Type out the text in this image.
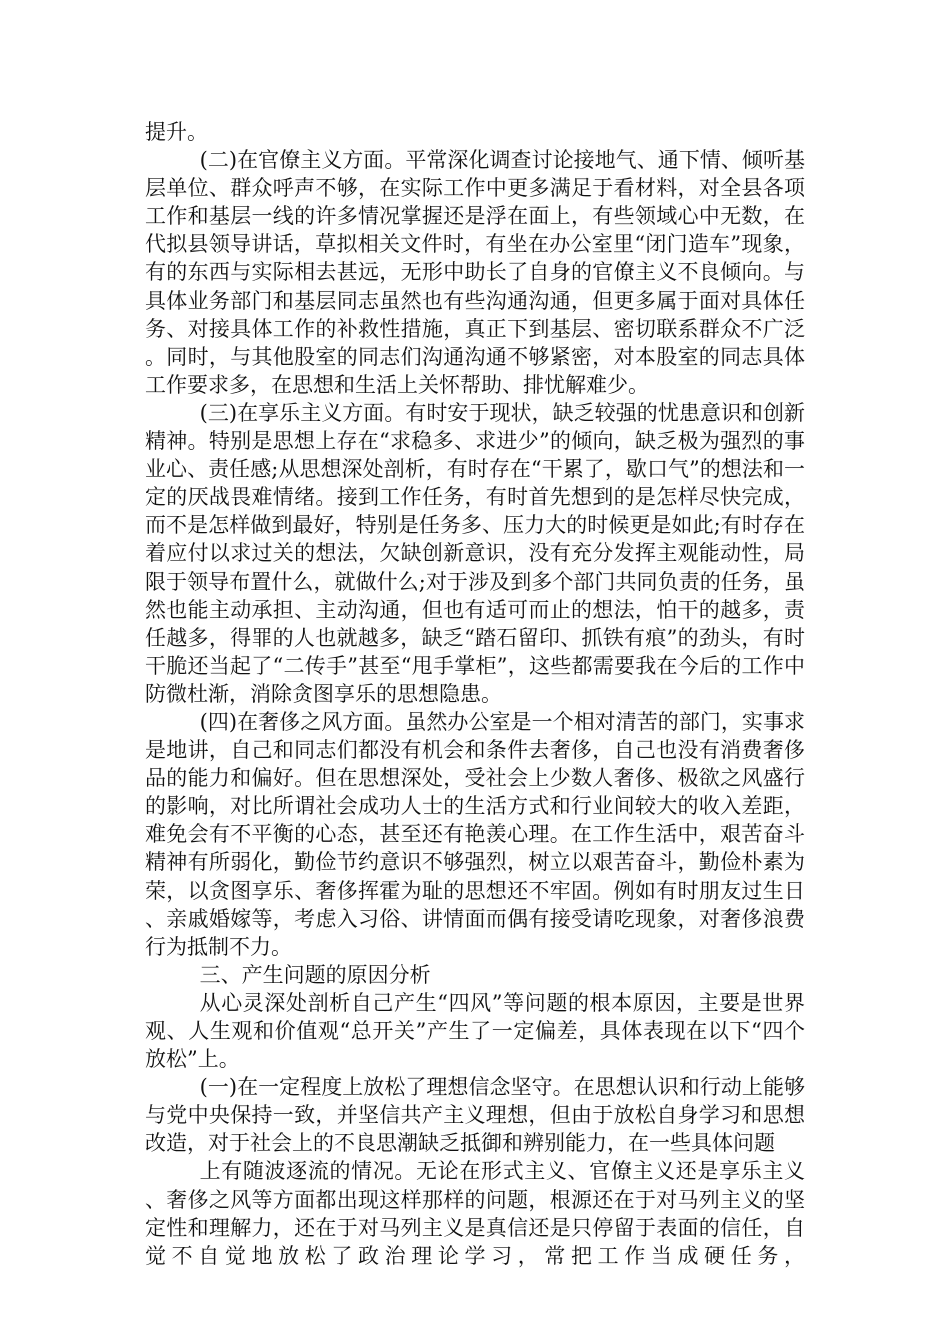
提升。

(二)在官僚主义方面。平常深化调查讨论接地气、通下情、倾听基层单位、群众呼声不够，在实际工作中更多满足于看材料，对全县各项工作和基层一线的许多情况掌握还是浮在面上，有些领域心中无数，在代拟县领导讲话，草拟相关文件时，有坐在办公室里“闭门造车”现象，有的东西与实际相去甚远，无形中助长了自身的官僚主义不良倾向。与具体业务部门和基层同志虽然也有些沟通沟通，但更多属于面对具体任务、对接具体工作的补救性措施，真正下到基层、密切联系群众不广泛。同时，与其他股室的同志们沟通沟通不够紧密，对本股室的同志具体工作要求多，在思想和生活上关怀帮助、排忧解难少。

(三)在享乐主义方面。有时安于现状，缺乏较强的忧患意识和创新精神。特别是思想上存在“求稳多、求进少”的倾向，缺乏极为强烈的事业心、责任感;从思想深处剖析，有时存在“干累了，歇口气”的想法和一定的厌战畏难情绪。接到工作任务，有时首先想到的是怎样尽快完成，而不是怎样做到最好，特别是任务多、压力大的时候更是如此;有时存在着应付以求过关的想法，欠缺创新意识，没有充分发挥主观能动性，局限于领导布置什么，就做什么;对于涉及到多个部门共同负责的任务，虽然也能主动承担、主动沟通，但也有适可而止的想法，怕干的越多，责任越多，得罪的人也就越多，缺乏“踏石留印、抓铁有痕”的劲头，有时干脆还当起了“二传手”甚至“甩手掌柜”，这些都需要我在今后的工作中防微杜渐，消除贪图享乐的思想隐患。

(四)在奢侈之风方面。虽然办公室是一个相对清苦的部门，实事求是地讲，自己和同志们都没有机会和条件去奢侈，自己也没有消费奢侈品的能力和偏好。但在思想深处，受社会上少数人奢侈、极欲之风盛行的影响，对比所谓社会成功人士的生活方式和行业间较大的收入差距，难免会有不平衡的心态，甚至还有艳羡心理。在工作生活中，艰苦奋斗精神有所弱化，勤俭节约意识不够强烈，树立以艰苦奋斗，勤俭朴素为荣，以贪图享乐、奢侈挥霍为耻的思想还不牢固。例如有时朋友过生日、亲戚婚嫁等，考虑入习俗、讲情面而偶有接受请吃现象，对奢侈浪费行为抵制不力。

三、产生问题的原因分析

从心灵深处剖析自己产生“四风”等问题的根本原因，主要是世界观、人生观和价值观“总开关”产生了一定偏差，具体表现在以下“四个放松”上。

(一)在一定程度上放松了理想信念坚守。在思想认识和行动上能够与党中央保持一致，并坚信共产主义理想，但由于放松自身学习和思想改造，对于社会上的不良思潮缺乏抵御和辨别能力，在一些具体问题

上有随波逐流的情况。无论在形式主义、官僚主义还是享乐主义、奢侈之风等方面都出现这样那样的问题，根源还在于对马列主义的坚定性和理解力，还在于对马列主义是真信还是只停留于表面的信任，自觉不自觉地放松了政治理论学习，常把工作当成硬任务，
